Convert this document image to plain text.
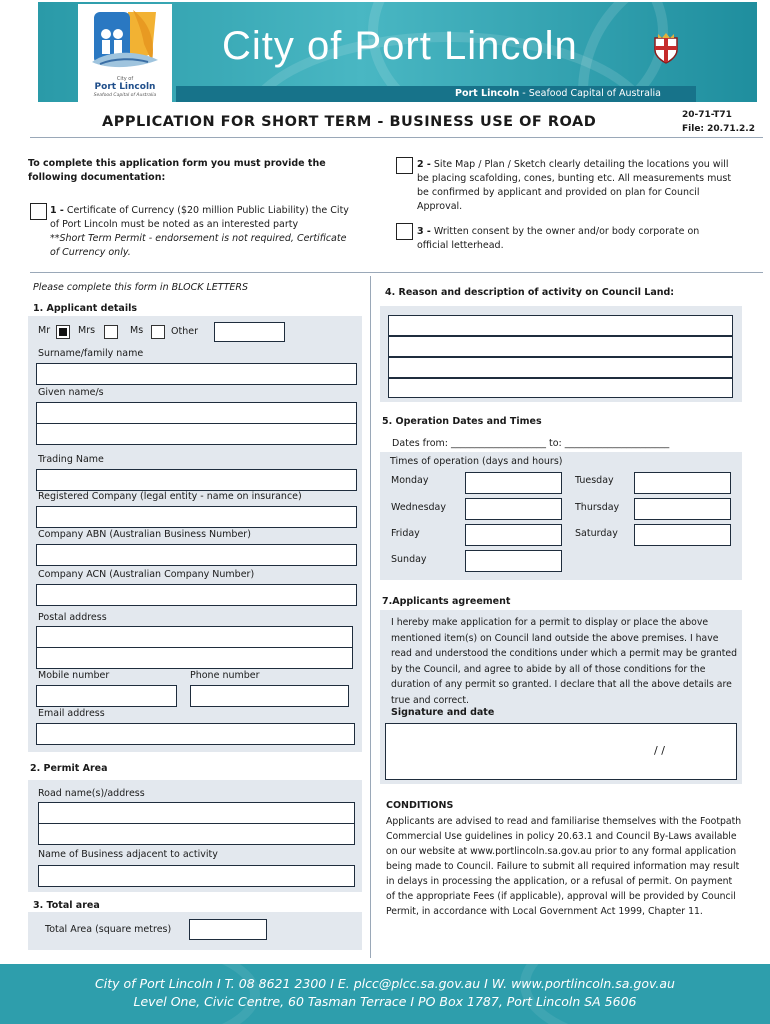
City of
Port Lincoln
Seafood Capital of Australia
City of Port Lincoln
Port Lincoln - Seafood Capital of Australia
APPLICATION FOR SHORT TERM - BUSINESS USE OF ROAD	20-71-T71
File: 20.71.2.2
To complete this application form you must provide the following documentation:
1 - Certificate of Currency ($20 million Public Liability) the City of Port Lincoln must be noted as an interested party
**Short Term Permit - endorsement is not required, Certificate of Currency only.
2 - Site Map / Plan / Sketch clearly detailing the locations you will be placing scafolding, cones, bunting etc. All measurements must be confirmed by applicant and provided on plan for Council Approval.
3 - Written consent by the owner and/or body corporate on official letterhead.
Please complete this form in BLOCK LETTERS
1. Applicant details
Mr	Mrs	Ms	Other
Surname/family name
Given name/s
Trading Name
Registered Company (legal entity - name on insurance)
Company ABN (Australian Business Number)
Company ACN (Australian Company Number)
Postal address
Mobile number	Phone number
Email address
2. Permit Area
Road name(s)/address
Name of Business adjacent to activity
3. Total area
Total Area (square metres)
4. Reason and description of activity on Council Land:
5. Operation Dates and Times
Dates from: ____________________ to: ______________________
Times of operation (days and hours)
Monday	Tuesday
Wednesday	Thursday
Friday	Saturday
Sunday
7.Applicants agreement
I hereby make application for a permit to display or place the above mentioned item(s) on Council land outside the above premises. I have read and understood the conditions under which a permit may be granted by the Council, and agree to abide by all of those conditions for the duration of any permit so granted. I declare that all the above details are true and correct.
Signature and date
/ /
CONDITIONS
Applicants are advised to read and familiarise themselves with the Footpath Commercial Use guidelines in policy 20.63.1 and Council By-Laws available on our website at www.portlincoln.sa.gov.au prior to any formal application being made to Council. Failure to submit all required information may result in delays in processing the application, or a refusal of permit. On payment of the appropriate Fees (if applicable), approval will be provided by Council Permit, in accordance with Local Government Act 1999, Chapter 11.
City of Port Lincoln I T. 08 8621 2300 I E. plcc@plcc.sa.gov.au I W. www.portlincoln.sa.gov.au
Level One, Civic Centre, 60 Tasman Terrace I PO Box 1787, Port Lincoln SA 5606
